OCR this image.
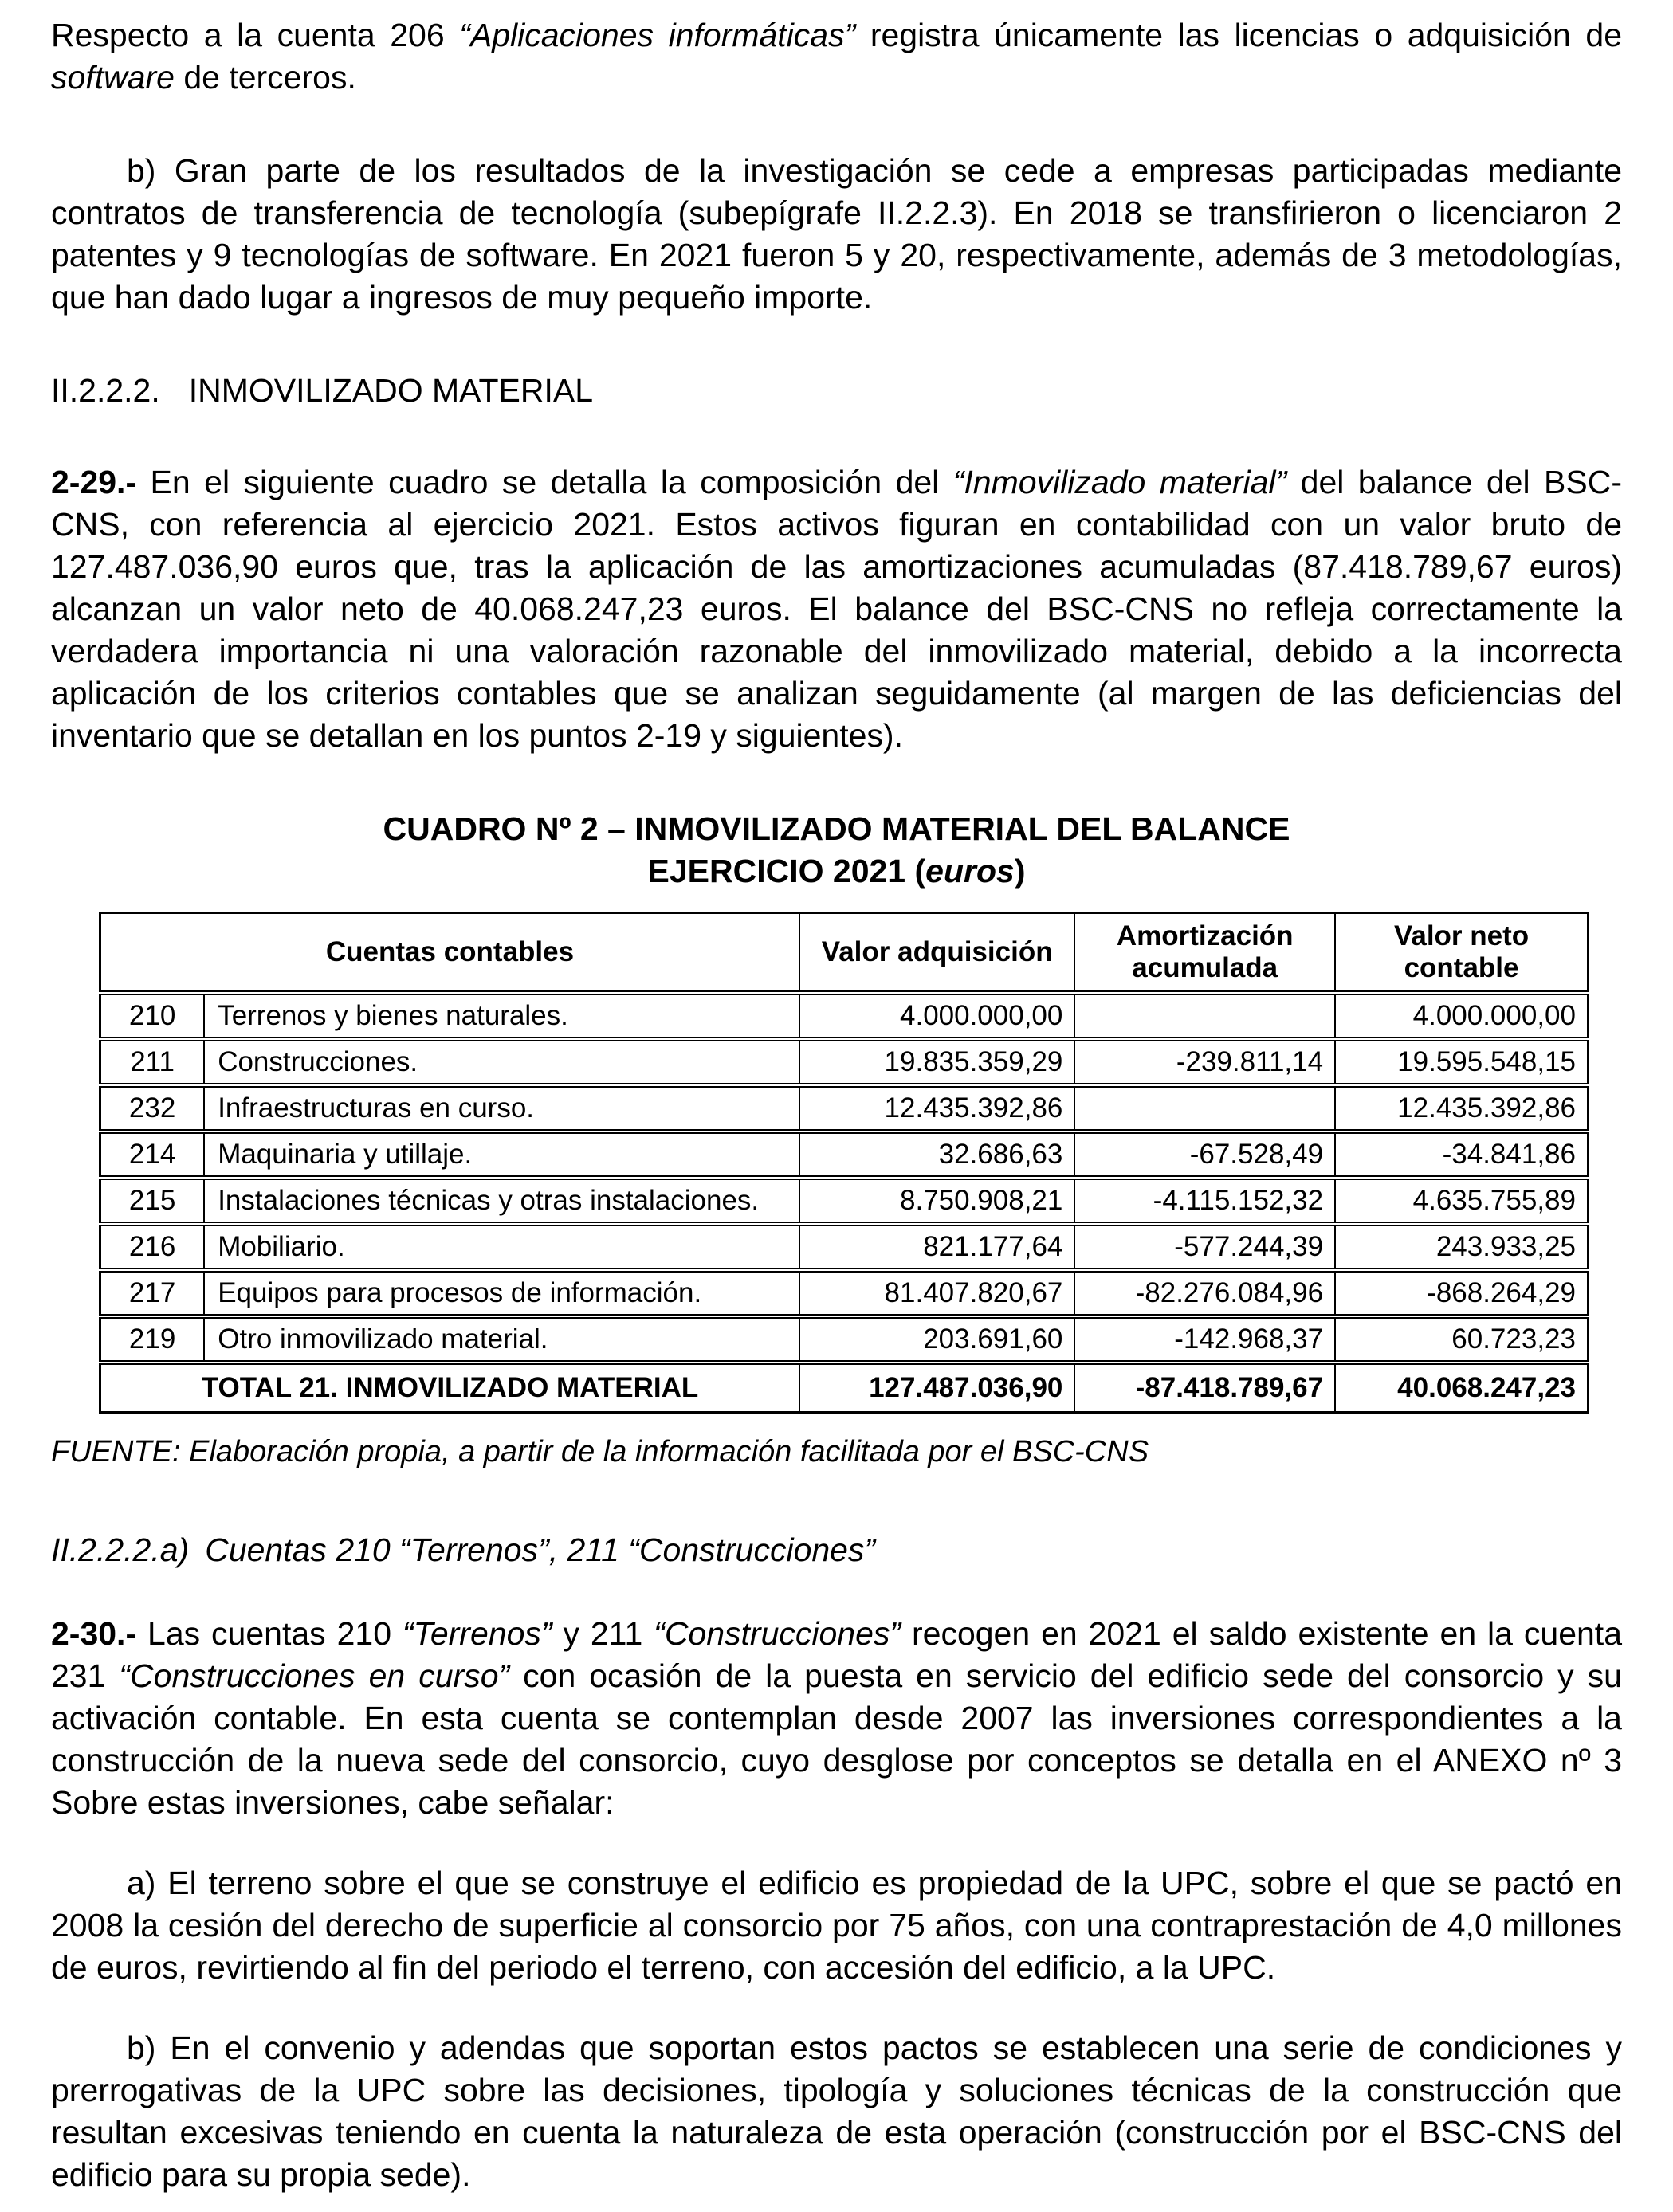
Respecto a la cuenta 206 “Aplicaciones informáticas” registra únicamente las licencias o adquisición de software de terceros.

b) Gran parte de los resultados de la investigación se cede a empresas participadas mediante contratos de transferencia de tecnología (subepígrafe II.2.2.3). En 2018 se transfirieron o licenciaron 2 patentes y 9 tecnologías de software. En 2021 fueron 5 y 20, respectivamente, además de 3 metodologías, que han dado lugar a ingresos de muy pequeño importe.

II.2.2.2. INMOVILIZADO MATERIAL

2-29.- En el siguiente cuadro se detalla la composición del “Inmovilizado material” del balance del BSC-CNS, con referencia al ejercicio 2021. Estos activos figuran en contabilidad con un valor bruto de 127.487.036,90 euros que, tras la aplicación de las amortizaciones acumuladas (87.418.789,67 euros) alcanzan un valor neto de 40.068.247,23 euros. El balance del BSC-CNS no refleja correctamente la verdadera importancia ni una valoración razonable del inmovilizado material, debido a la incorrecta aplicación de los criterios contables que se analizan seguidamente (al margen de las deficiencias del inventario que se detallan en los puntos 2-19 y siguientes).

CUADRO Nº 2 – INMOVILIZADO MATERIAL DEL BALANCE
EJERCICIO 2021 (euros)
Cuentas contables		Valor adquisición	Amortización acumulada	Valor neto contable
210	Terrenos y bienes naturales.	4.000.000,00		4.000.000,00
211	Construcciones.	19.835.359,29	-239.811,14	19.595.548,15
232	Infraestructuras en curso.	12.435.392,86		12.435.392,86
214	Maquinaria y utillaje.	32.686,63	-67.528,49	-34.841,86
215	Instalaciones técnicas y otras instalaciones.	8.750.908,21	-4.115.152,32	4.635.755,89
216	Mobiliario.	821.177,64	-577.244,39	243.933,25
217	Equipos para procesos de información.	81.407.820,67	-82.276.084,96	-868.264,29
219	Otro inmovilizado material.	203.691,60	-142.968,37	60.723,23
TOTAL 21. INMOVILIZADO MATERIAL		127.487.036,90	-87.418.789,67	40.068.247,23

FUENTE: Elaboración propia, a partir de la información facilitada por el BSC-CNS

II.2.2.2.a) Cuentas 210 “Terrenos”, 211 “Construcciones”

2-30.- Las cuentas 210 “Terrenos” y 211 “Construcciones” recogen en 2021 el saldo existente en la cuenta 231 “Construcciones en curso” con ocasión de la puesta en servicio del edificio sede del consorcio y su activación contable. En esta cuenta se contemplan desde 2007 las inversiones correspondientes a la construcción de la nueva sede del consorcio, cuyo desglose por conceptos se detalla en el ANEXO nº 3 Sobre estas inversiones, cabe señalar:

a) El terreno sobre el que se construye el edificio es propiedad de la UPC, sobre el que se pactó en 2008 la cesión del derecho de superficie al consorcio por 75 años, con una contraprestación de 4,0 millones de euros, revirtiendo al fin del periodo el terreno, con accesión del edificio, a la UPC.

b) En el convenio y adendas que soportan estos pactos se establecen una serie de condiciones y prerrogativas de la UPC sobre las decisiones, tipología y soluciones técnicas de la construcción que resultan excesivas teniendo en cuenta la naturaleza de esta operación (construcción por el BSC-CNS del edificio para su propia sede).
